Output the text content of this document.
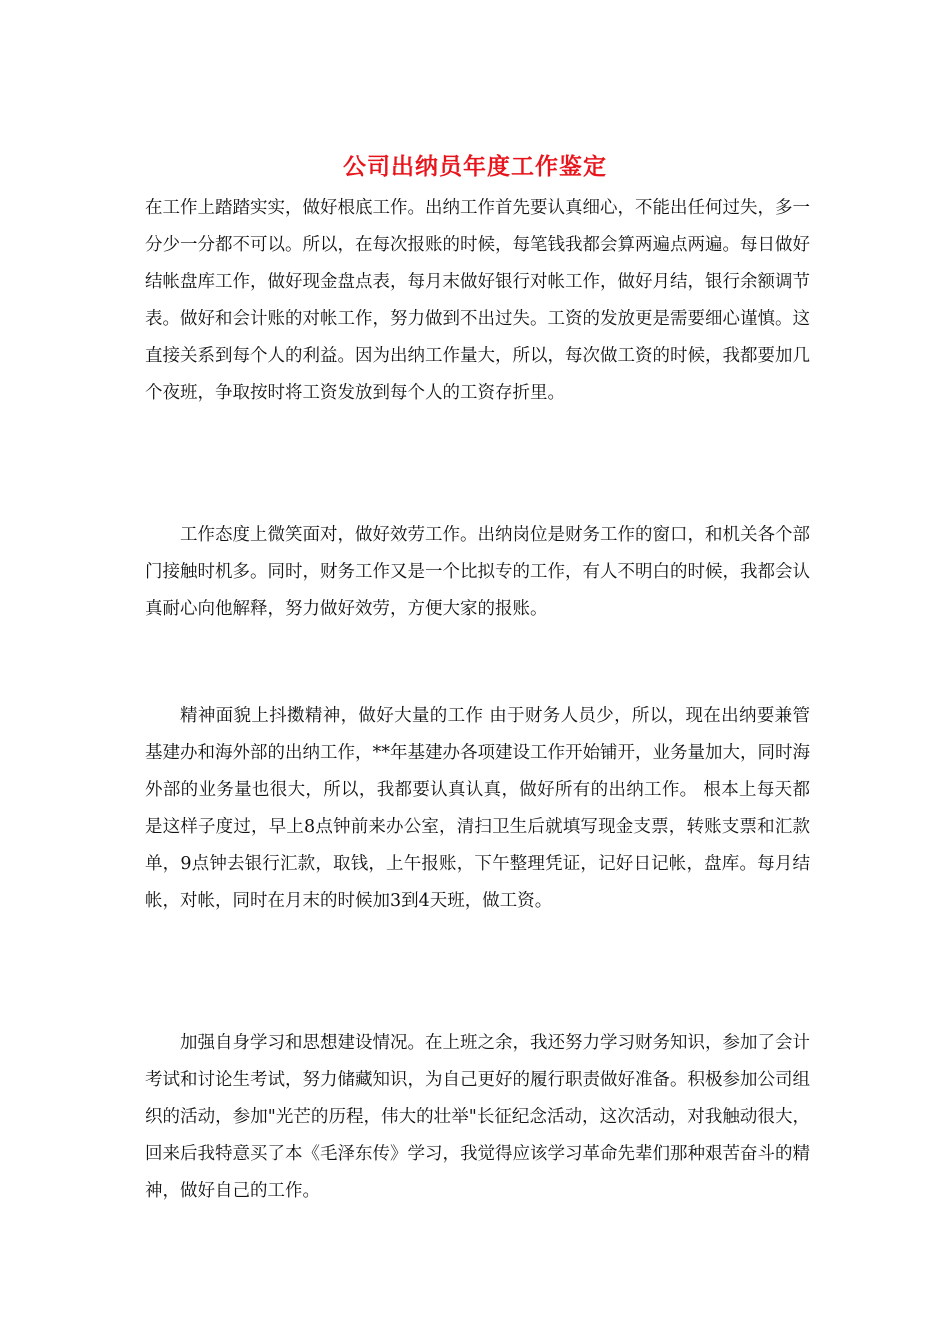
公司出纳员年度工作鉴定

在工作上踏踏实实，做好根底工作。出纳工作首先要认真细心，不能出任何过失，多一分少一分都不可以。所以，在每次报账的时候，每笔钱我都会算两遍点两遍。每日做好结帐盘库工作，做好现金盘点表，每月末做好银行对帐工作，做好月结，银行余额调节表。做好和会计账的对帐工作，努力做到不出过失。工资的发放更是需要细心谨慎。这直接关系到每个人的利益。因为出纳工作量大，所以，每次做工资的时候，我都要加几个夜班，争取按时将工资发放到每个人的工资存折里。

工作态度上微笑面对，做好效劳工作。出纳岗位是财务工作的窗口，和机关各个部门接触时机多。同时，财务工作又是一个比拟专的工作，有人不明白的时候，我都会认真耐心向他解释，努力做好效劳，方便大家的报账。

精神面貌上抖擞精神，做好大量的工作 由于财务人员少，所以，现在出纳要兼管基建办和海外部的出纳工作，**年基建办各项建设工作开始铺开，业务量加大，同时海外部的业务量也很大，所以，我都要认真认真，做好所有的出纳工作。 根本上每天都是这样子度过，早上8点钟前来办公室，清扫卫生后就填写现金支票，转账支票和汇款单，9点钟去银行汇款，取钱，上午报账，下午整理凭证，记好日记帐，盘库。每月结帐，对帐，同时在月末的时候加3到4天班，做工资。

加强自身学习和思想建设情况。在上班之余，我还努力学习财务知识，参加了会计考试和讨论生考试，努力储藏知识，为自己更好的履行职责做好准备。积极参加公司组织的活动，参加"光芒的历程，伟大的壮举"长征纪念活动，这次活动，对我触动很大，回来后我特意买了本《毛泽东传》学习，我觉得应该学习革命先辈们那种艰苦奋斗的精神，做好自己的工作。
